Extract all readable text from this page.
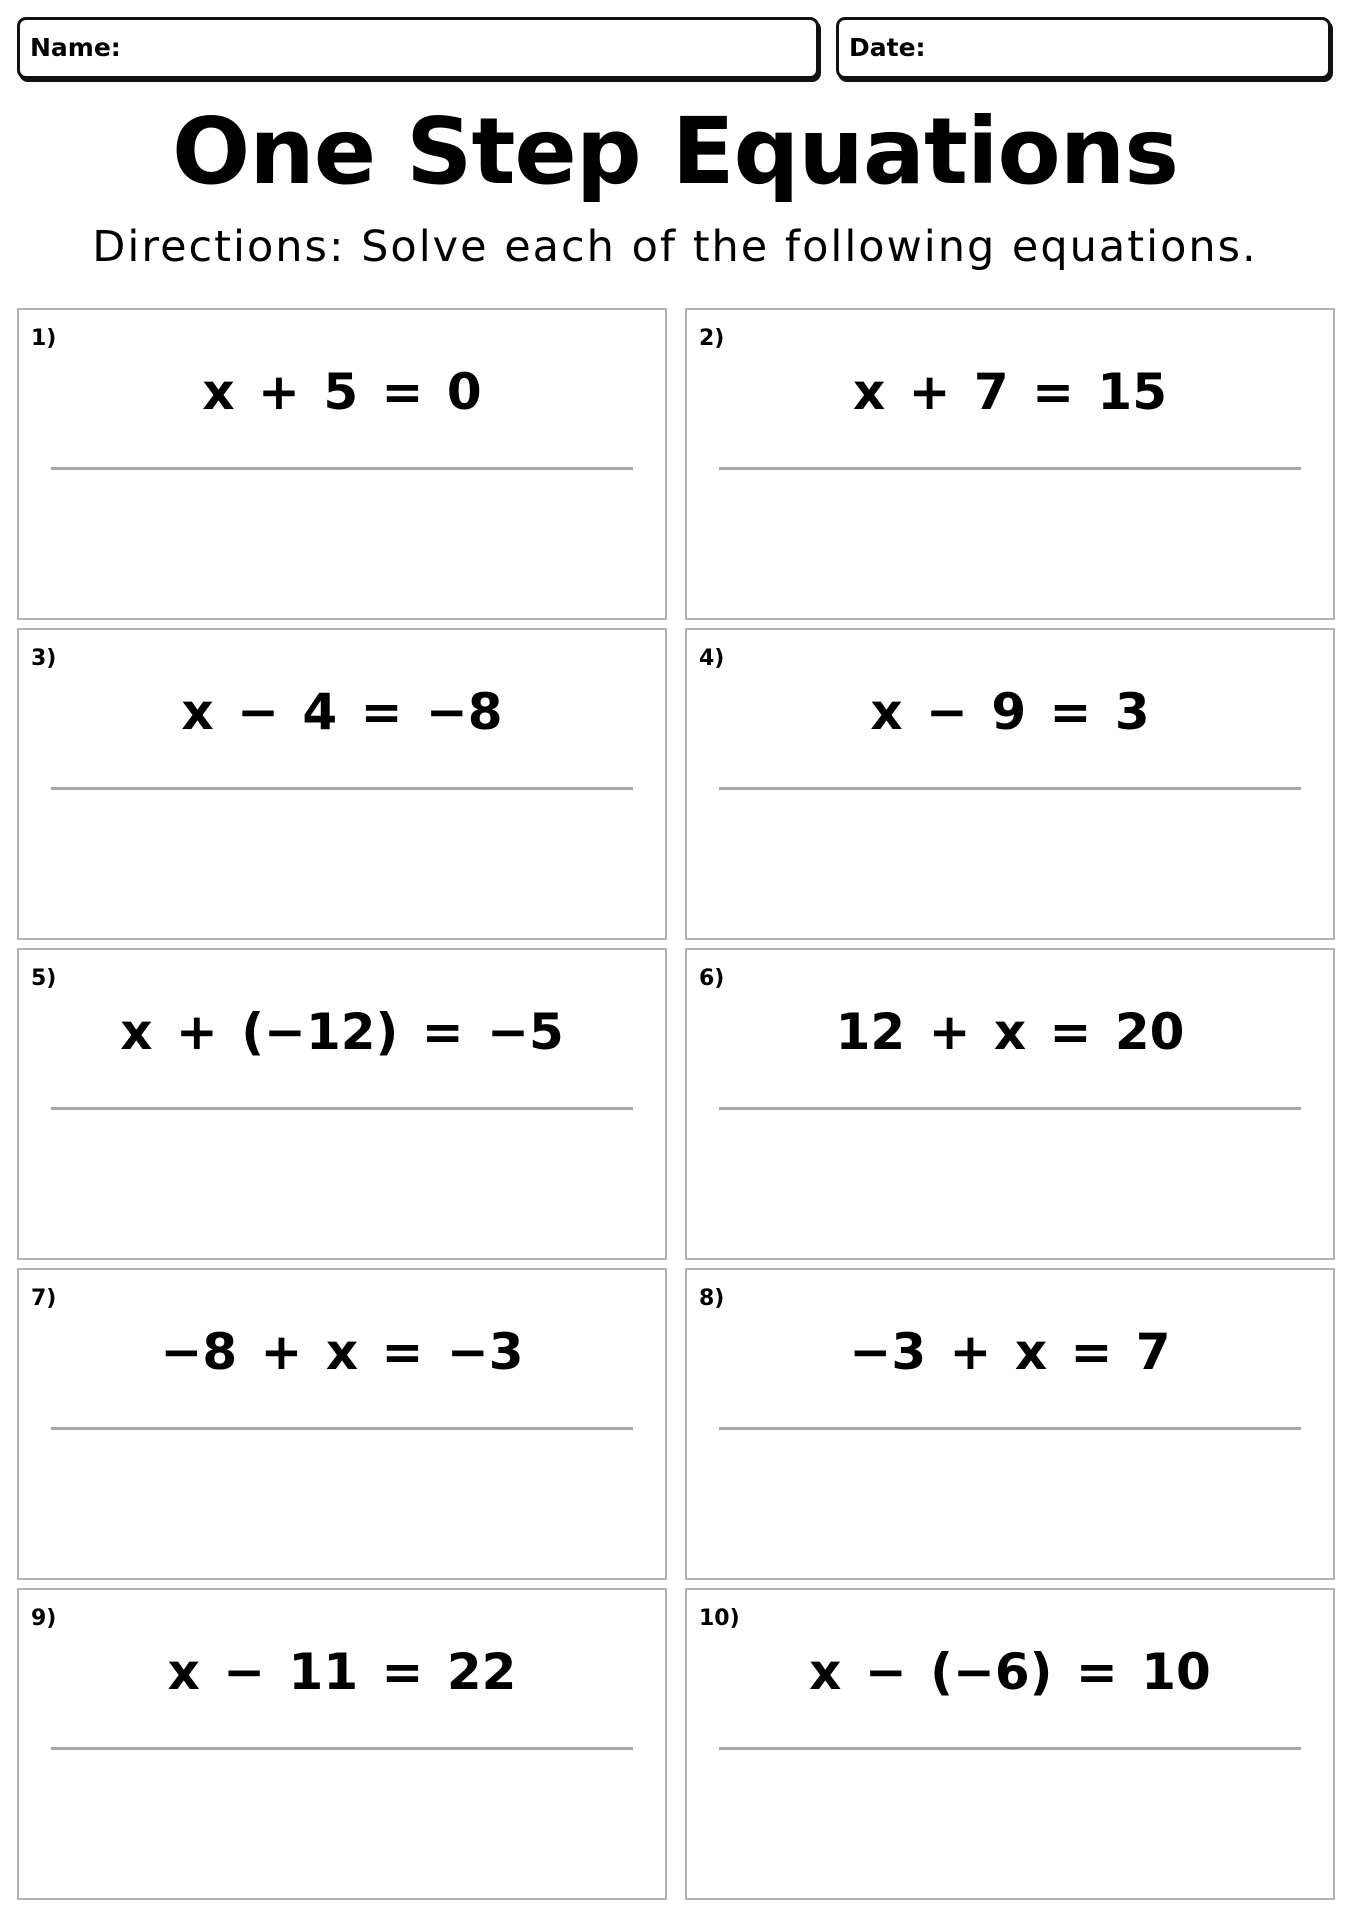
Name:	Date:
One Step Equations
Directions: Solve each of the following equations.
1)
x + 5 = 0
2)
x + 7 = 15
3)
x − 4 = −8
4)
x − 9 = 3
5)
x + (−12) = −5
6)
12 + x = 20
7)
−8 + x = −3
8)
−3 + x = 7
9)
x − 11 = 22
10)
x − (−6) = 10
